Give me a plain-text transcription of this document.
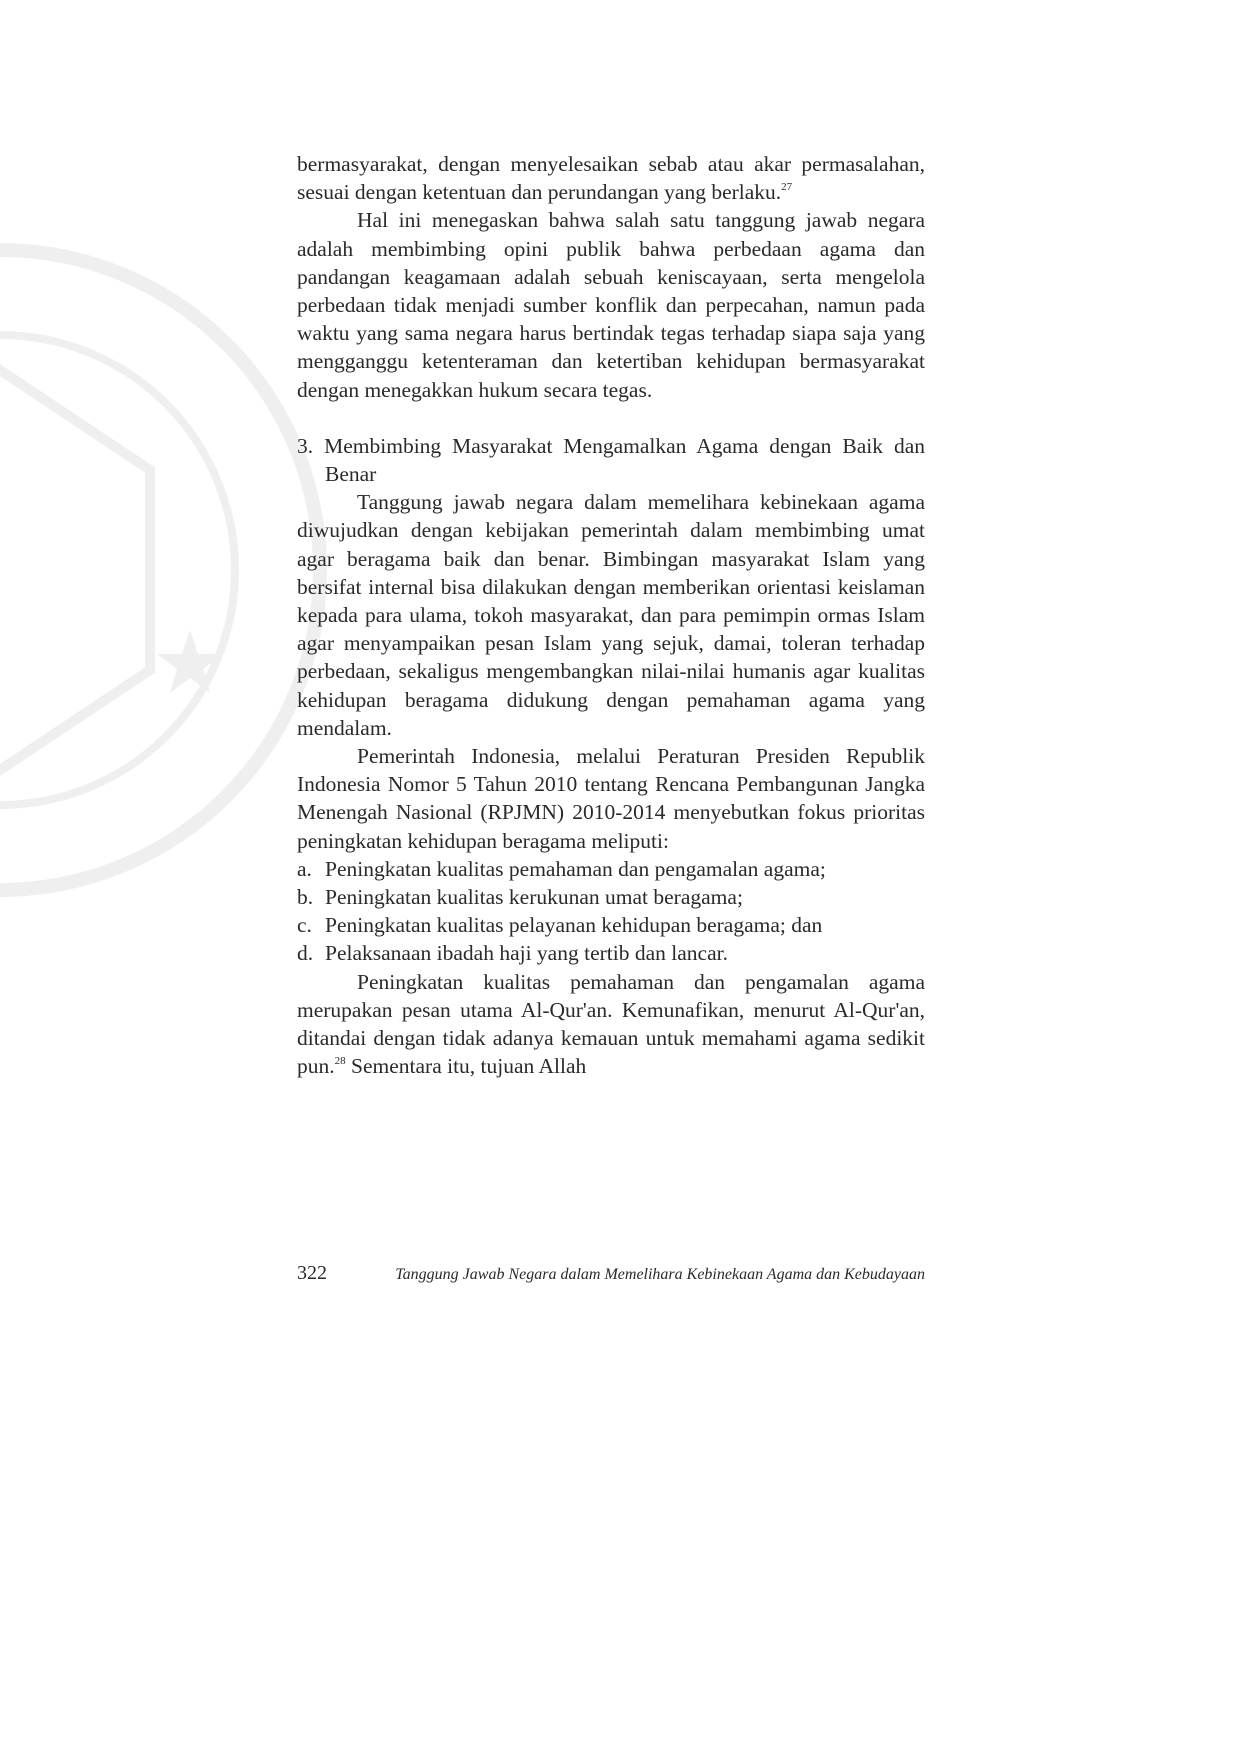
bermasyarakat, dengan menyelesaikan sebab atau akar permasalahan, sesuai dengan ketentuan dan perundangan yang berlaku.$^{27}$

Hal ini menegaskan bahwa salah satu tanggung jawab negara adalah membimbing opini publik bahwa perbedaan agama dan pandangan keagamaan adalah sebuah keniscayaan, serta mengelola perbedaan tidak menjadi sumber konflik dan perpecahan, namun pada waktu yang sama negara harus bertindak tegas terhadap siapa saja yang mengganggu ketenteraman dan ketertiban kehidupan bermasyarakat dengan menegakkan hukum secara tegas.

3. Membimbing Masyarakat Mengamalkan Agama dengan Baik dan Benar

Tanggung jawab negara dalam memelihara kebinekaan agama diwujudkan dengan kebijakan pemerintah dalam membimbing umat agar beragama baik dan benar. Bimbingan masyarakat Islam yang bersifat internal bisa dilakukan dengan memberikan orientasi keislaman kepada para ulama, tokoh masyarakat, dan para pemimpin ormas Islam agar menyampaikan pesan Islam yang sejuk, damai, toleran terhadap perbedaan, sekaligus mengembangkan nilai-nilai humanis agar kualitas kehidupan beragama didukung dengan pemahaman agama yang mendalam.

Pemerintah Indonesia, melalui Peraturan Presiden Republik Indonesia Nomor 5 Tahun 2010 tentang Rencana Pembangunan Jangka Menengah Nasional (RPJMN) 2010-2014 menyebutkan fokus prioritas peningkatan kehidupan beragama meliputi:

a. Peningkatan kualitas pemahaman dan pengamalan agama;
b. Peningkatan kualitas kerukunan umat beragama;
c. Peningkatan kualitas pelayanan kehidupan beragama; dan
d. Pelaksanaan ibadah haji yang tertib dan lancar.

Peningkatan kualitas pemahaman dan pengamalan agama merupakan pesan utama Al-Qur'an. Kemunafikan, menurut Al-Qur'an, ditandai dengan tidak adanya kemauan untuk memahami agama sedikit pun.$^{28}$ Sementara itu, tujuan Allah

322	Tanggung Jawab Negara dalam Memelihara Kebinekaan Agama dan Kebudayaan
